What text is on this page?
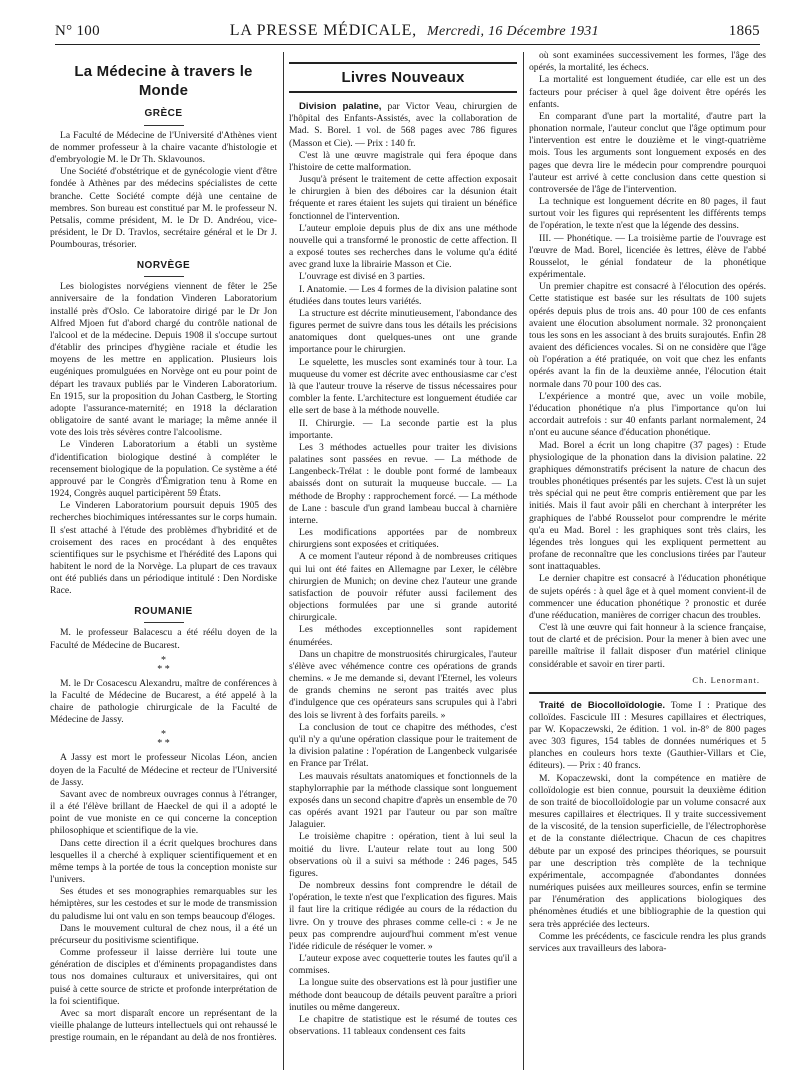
N° 100	LA PRESSE MÉDICALE, Mercredi, 16 Décembre 1931	1865
La Médecine à travers le Monde
GRÈCE

La Faculté de Médecine de l'Université d'Athènes vient de nommer professeur à la chaire vacante d'histologie et d'embryologie M. le Dr Th. Sklavounos.

Une Société d'obstétrique et de gynécologie vient d'être fondée à Athènes par des médecins spécialistes de cette branche. Cette Société compte déjà une centaine de membres. Son bureau est constitué par M. le professeur N. Petsalis, comme président, M. le Dr D. Andréou, vice-président, le Dr D. Travlos, secrétaire général et le Dr J. Poumbouras, trésorier.

NORVÈGE

Les biologistes norvégiens viennent de fêter le 25e anniversaire de la fondation Vinderen Laboratorium installé près d'Oslo. Ce laboratoire dirigé par le Dr Jon Alfred Mjoen fut d'abord chargé du contrôle national de l'alcool et de la médecine. Depuis 1908 il s'occupe surtout d'établir des principes d'hygiène raciale et étudie les moyens de les mettre en application. Plusieurs lois eugéniques promulguées en Norvège ont eu pour point de départ les travaux publiés par le Vinderen Laboratorium. En 1915, sur la proposition du Johan Castberg, le Storting adopte l'assurance-maternité; en 1918 la déclaration obligatoire de santé avant le mariage; la même année il vote des lois très sévères contre l'alcoolisme.

Le Vinderen Laboratorium a établi un système d'identification biologique destiné à compléter le recensement biologique de la population. Ce système a été approuvé par le Congrès d'Émigration tenu à Rome en 1924, Congrès auquel participèrent 59 États.

Le Vinderen Laboratorium poursuit depuis 1905 des recherches biochimiques intéressantes sur le corps humain. Il s'est attaché à l'étude des problèmes d'hybridité et de croisement des races en procédant à des enquêtes scientifiques sur le psychisme et l'hérédité des Lapons qui habitent le nord de la Norvège. La plupart de ces travaux ont été publiés dans un périodique intitulé : Den Nordiske Race.

ROUMANIE

M. le professeur Balacescu a été réélu doyen de la Faculté de Médecine de Bucarest.

*
* *

M. le Dr Cosacescu Alexandru, maître de conférences à la Faculté de Médecine de Bucarest, a été appelé à la chaire de pathologie chirurgicale de la Faculté de Médecine de Jassy.

*
* *

A Jassy est mort le professeur Nicolas Léon, ancien doyen de la Faculté de Médecine et recteur de l'Université de Jassy.

Savant avec de nombreux ouvrages connus à l'étranger, il a été l'élève brillant de Haeckel de qui il a adopté le point de vue moniste en ce qui concerne la conception philosophique et scientifique de la vie.

Dans cette direction il a écrit quelques brochures dans lesquelles il a cherché à expliquer scientifiquement et en même temps à la portée de tous la conception moniste sur l'univers.

Ses études et ses monographies remarquables sur les hémiptères, sur les cestodes et sur le mode de transmission du paludisme lui ont valu en son temps beaucoup d'éloges.

Dans le mouvement cultural de chez nous, il a été un précurseur du positivisme scientifique.

Comme professeur il laisse derrière lui toute une génération de disciples et d'éminents propagandistes dans tous nos domaines culturaux et universitaires, qui ont puisé à cette source de stricte et profonde interprétation de la foi scientifique.

Avec sa mort disparaît encore un représentant de la vieille phalange de lutteurs intellectuels qui ont rehaussé le prestige roumain, en le répandant au delà de nos frontières.

Livres Nouveaux

Division palatine, par Victor Veau, chirurgien de l'hôpital des Enfants-Assistés, avec la collaboration de Mad. S. Borel. 1 vol. de 568 pages avec 786 figures (Masson et Cie). — Prix : 140 fr.

C'est là une œuvre magistrale qui fera époque dans l'histoire de cette malformation.

Jusqu'à présent le traitement de cette affection exposait le chirurgien à bien des déboires car la désunion était fréquente et rares étaient les sujets qui tiraient un bénéfice fonctionnel de l'intervention.

L'auteur emploie depuis plus de dix ans une méthode nouvelle qui a transformé le pronostic de cette affection. Il a exposé toutes ses recherches dans le volume qu'a édité avec grand luxe la librairie Masson et Cie.

L'ouvrage est divisé en 3 parties.

I. Anatomie. — Les 4 formes de la division palatine sont étudiées dans toutes leurs variétés.

La structure est décrite minutieusement, l'abondance des figures permet de suivre dans tous les détails les précisions anatomiques dont quelques-unes ont une grande importance pour le chirurgien.

Le squelette, les muscles sont examinés tour à tour. La muqueuse du vomer est décrite avec enthousiasme car c'est là que l'auteur trouve la réserve de tissus nécessaires pour combler la fente. L'architecture est longuement étudiée car elle sert de base à la méthode nouvelle.

II. Chirurgie. — La seconde partie est la plus importante.

Les 3 méthodes actuelles pour traiter les divisions palatines sont passées en revue. — La méthode de Langenbeck-Trélat : le double pont formé de lambeaux abaissés dont on suturait la muqueuse buccale. — La méthode de Brophy : rapprochement forcé. — La méthode de Lane : bascule d'un grand lambeau buccal à charnière interne.

Les modifications apportées par de nombreux chirurgiens sont exposées et critiquées.

A ce moment l'auteur répond à de nombreuses critiques qui lui ont été faites en Allemagne par Lexer, le célèbre chirurgien de Munich; on devine chez l'auteur une grande satisfaction de pouvoir réfuter aussi facilement des objections formulées par une si grande autorité chirurgicale.

Les méthodes exceptionnelles sont rapidement énumérées.

Dans un chapitre de monstruosités chirurgicales, l'auteur s'élève avec véhémence contre ces opérations de grands chemins. « Je me demande si, devant l'Eternel, les voleurs de grands chemins ne seront pas traités avec plus d'indulgence que ces opérateurs sans scrupules qui à l'abri des lois se livrent à des forfaits pareils. »

La conclusion de tout ce chapitre des méthodes, c'est qu'il n'y a qu'une opération classique pour le traitement de la division palatine : l'opération de Langenbeck vulgarisée en France par Trélat.

Les mauvais résultats anatomiques et fonctionnels de la staphylorraphie par la méthode classique sont longuement exposés dans un second chapitre d'après un ensemble de 70 cas opérés avant 1921 par l'auteur ou par son maître Jalaguier.

Le troisième chapitre : opération, tient à lui seul la moitié du livre. L'auteur relate tout au long 500 observations où il a suivi sa méthode : 246 pages, 545 figures.

De nombreux dessins font comprendre le détail de l'opération, le texte n'est que l'explication des figures. Mais il faut lire la critique rédigée au cours de la rédaction du livre. On y trouve des phrases comme celle-ci : « Je ne peux pas comprendre aujourd'hui comment m'est venue l'idée ridicule de réséquer le vomer. »

L'auteur expose avec coquetterie toutes les fautes qu'il a commises.

La longue suite des observations est là pour justifier une méthode dont beaucoup de détails peuvent paraître a priori inutiles ou même dangereux.

Le chapitre de statistique est le résumé de toutes ces observations. 11 tableaux condensent ces faits

où sont examinées successivement les formes, l'âge des opérés, la mortalité, les échecs.

La mortalité est longuement étudiée, car elle est un des facteurs pour préciser à quel âge doivent être opérés les enfants.

En comparant d'une part la mortalité, d'autre part la phonation normale, l'auteur conclut que l'âge optimum pour l'intervention est entre le douzième et le vingt-quatrième mois. Tous les arguments sont longuement exposés en des pages que devra lire le médecin pour comprendre pourquoi l'auteur est arrivé à cette conclusion dans cette question si controversée de l'âge de l'intervention.

La technique est longuement décrite en 80 pages, il faut surtout voir les figures qui représentent les différents temps de l'opération, le texte n'est que la légende des dessins.

III. — Phonétique. — La troisième partie de l'ouvrage est l'œuvre de Mad. Borel, licenciée ès lettres, élève de l'abbé Rousselot, le génial fondateur de la phonétique expérimentale.

Un premier chapitre est consacré à l'élocution des opérés. Cette statistique est basée sur les résultats de 100 sujets opérés depuis plus de trois ans. 40 pour 100 de ces enfants avaient une élocution absolument normale. 32 prononçaient tous les sons en les associant à des bruits surajoutés. Enfin 28 avaient des déficiences vocales. Si on ne considère que l'âge où l'opération a été pratiquée, on voit que chez les enfants opérés avant la fin de la deuxième année, l'élocution était normale dans 70 pour 100 des cas.

L'expérience a montré que, avec un voile mobile, l'éducation phonétique n'a plus l'importance qu'on lui accordait autrefois : sur 40 enfants parlant normalement, 24 n'ont eu aucune séance d'éducation phonétique.

Mad. Borel a écrit un long chapitre (37 pages) : Etude physiologique de la phonation dans la division palatine. 22 graphiques démonstratifs précisent la nature de chacun des troubles phonétiques présentés par les sujets. C'est là un sujet très spécial qui ne peut être compris entièrement que par les initiés. Mais il faut avoir pâli en cherchant à interpréter les graphiques de l'abbé Rousselot pour comprendre le mérite qu'a eu Mad. Borel : les graphiques sont très clairs, les légendes très longues qui les expliquent permettent au profane de reconnaître que les conclusions tirées par l'auteur sont inattaquables.

Le dernier chapitre est consacré à l'éducation phonétique de sujets opérés : à quel âge et à quel moment convient-il de commencer une éducation phonétique ? pronostic et durée d'une rééducation, manières de corriger chacun des troubles.

C'est là une œuvre qui fait honneur à la science française, tout de clarté et de précision. Pour la mener à bien avec une pareille maîtrise il fallait disposer d'un matériel clinique considérable et savoir en tirer parti.

Ch. Lenormant.

Traité de Biocolloïdologie. Tome I : Pratique des colloïdes. Fascicule III : Mesures capillaires et électriques, par W. Kopaczewski, 2e édition. 1 vol. in-8° de 800 pages avec 303 figures, 154 tables de données numériques et 5 planches en couleurs hors texte (Gauthier-Villars et Cie, éditeurs). — Prix : 40 francs.

M. Kopaczewski, dont la compétence en matière de colloïdologie est bien connue, poursuit la deuxième édition de son traité de biocolloïdologie par un volume consacré aux mesures capillaires et électriques. Il y traite successivement de la viscosité, de la tension superficielle, de l'électrophorèse et de la constante diélectrique. Chacun de ces chapitres débute par un exposé des principes théoriques, se poursuit par une description très complète de la technique expérimentale, accompagnée d'abondantes données numériques puisées aux meilleures sources, enfin se termine par l'énumération des applications biologiques des phénomènes étudiés et une bibliographie de la question qui sera très appréciée des lecteurs.

Comme les précédents, ce fascicule rendra les plus grands services aux travailleurs des labora-
